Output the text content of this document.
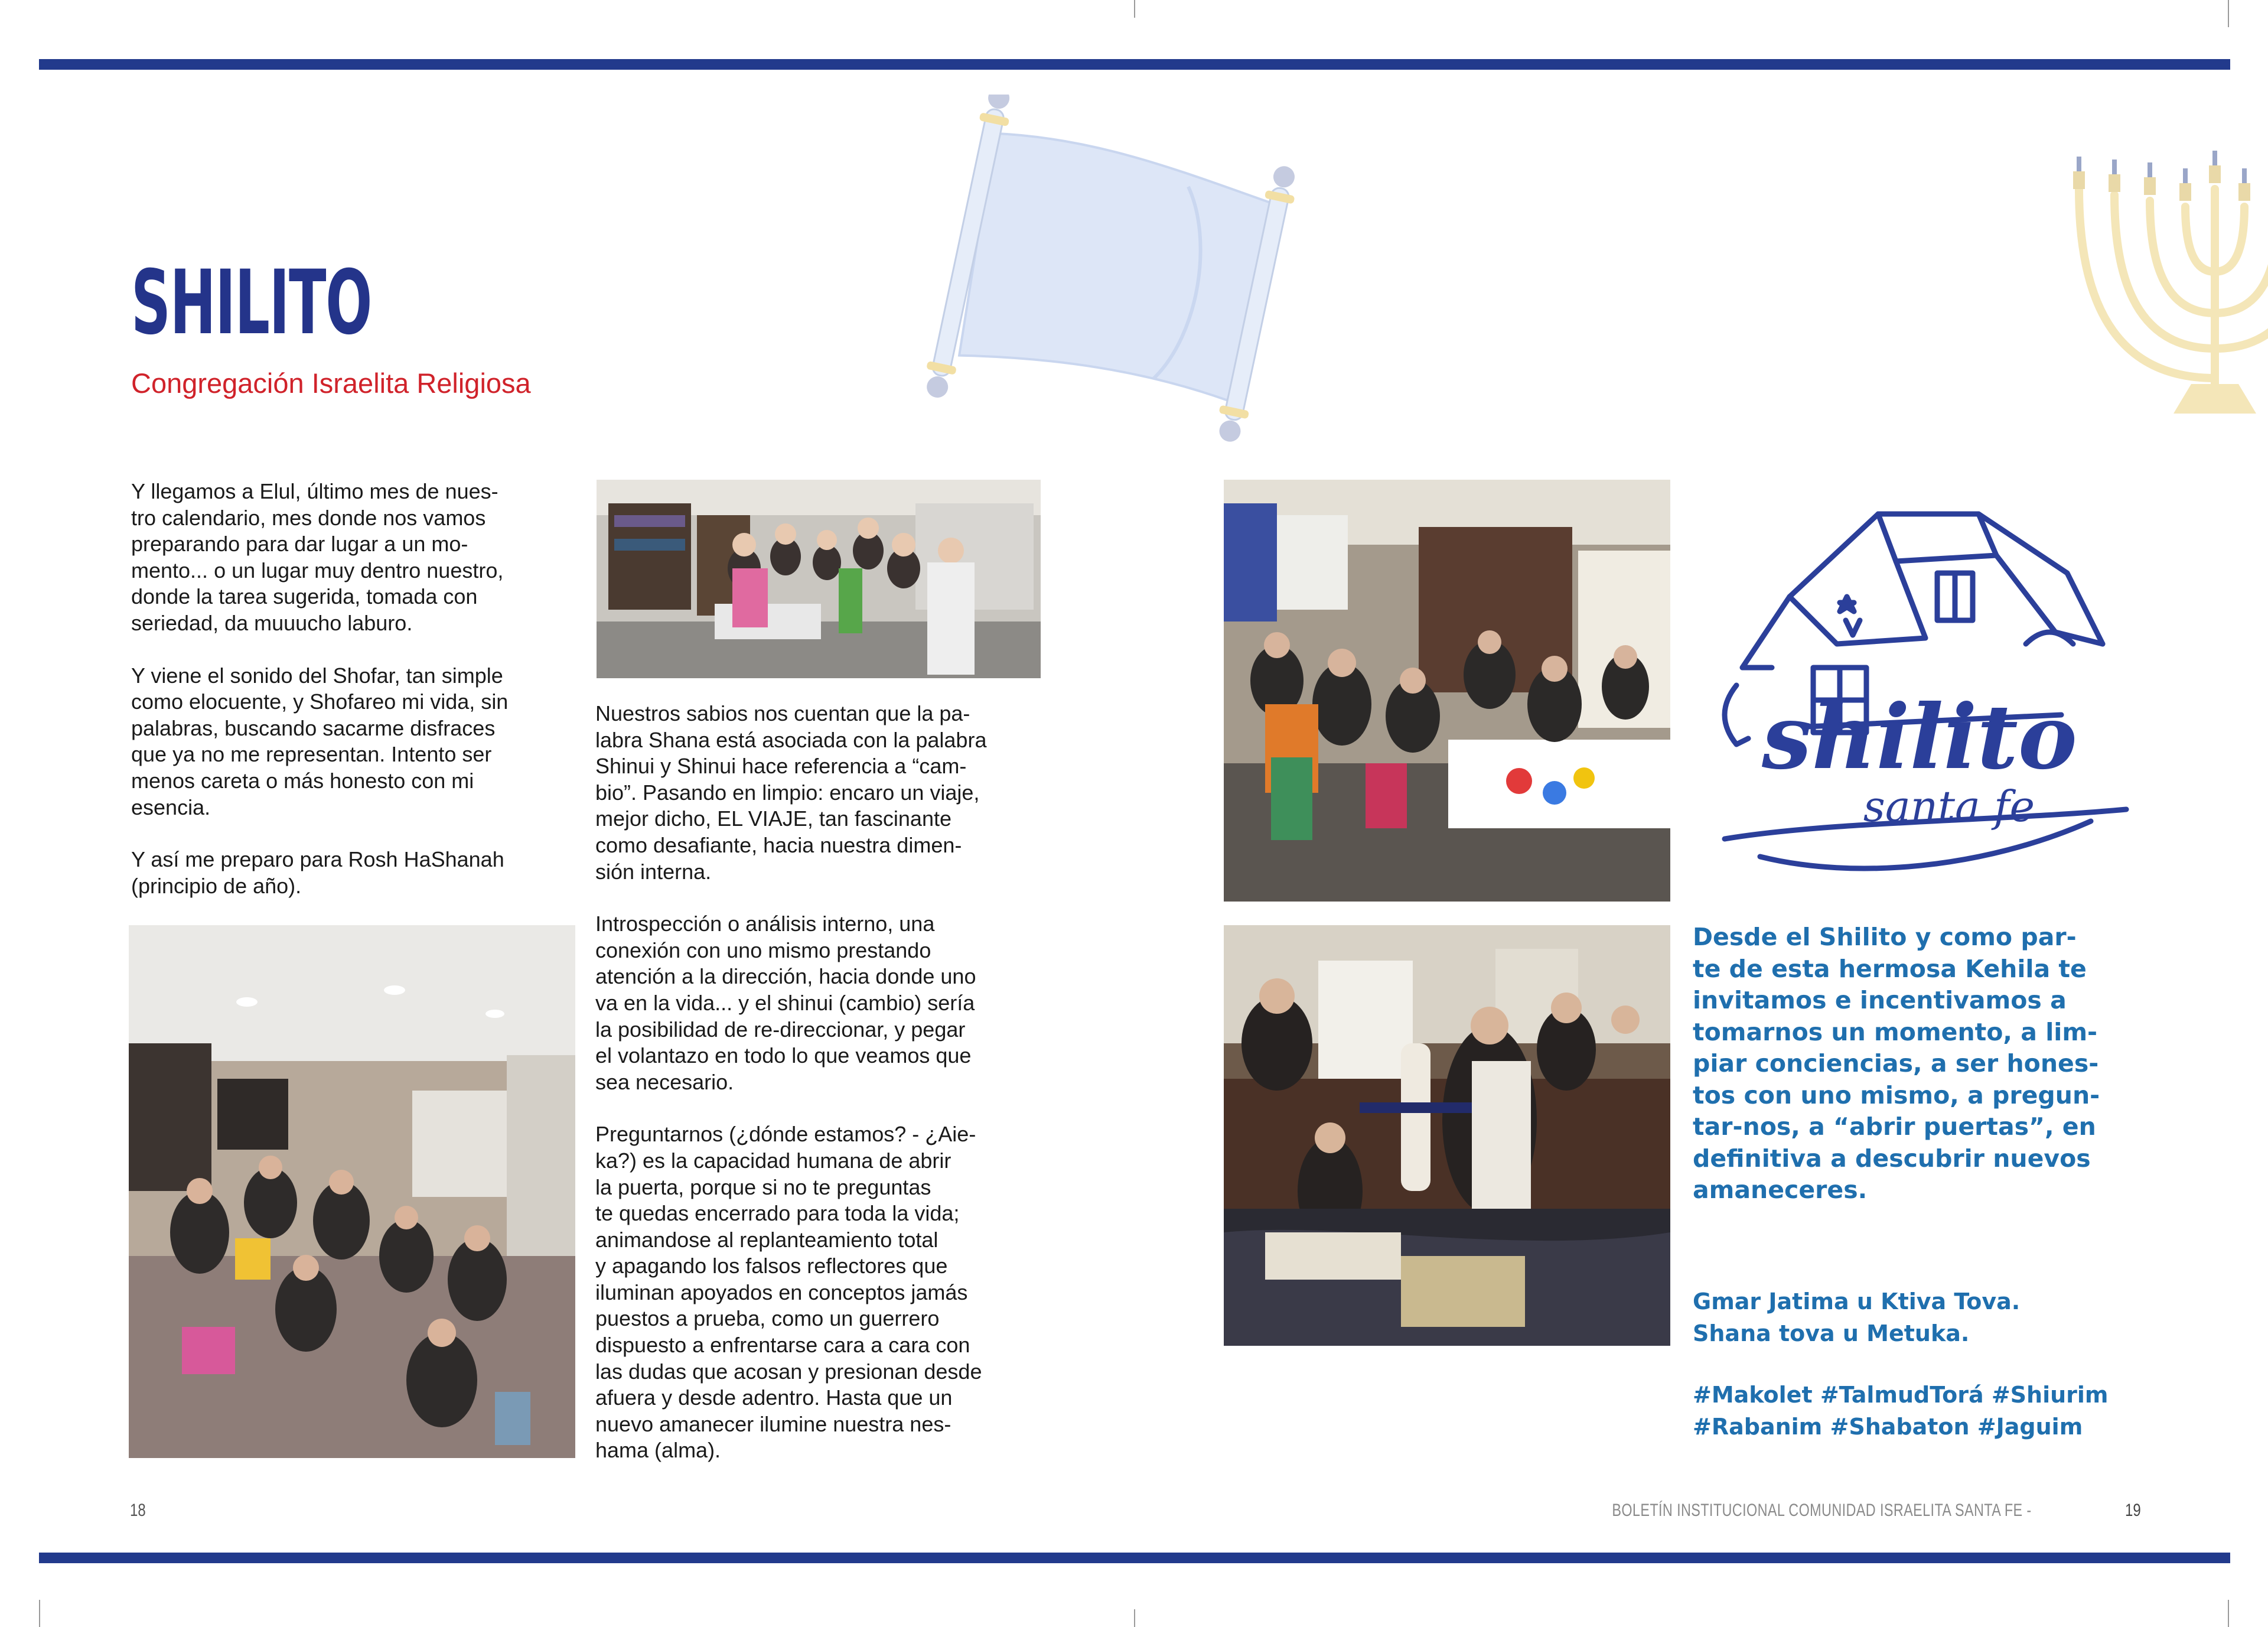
SHILITO
Congregación Israelita Religiosa

Y llegamos a Elul, último mes de nues-
tro calendario, mes donde nos vamos
preparando para dar lugar a un mo-
mento... o un lugar muy dentro nuestro,
donde la tarea sugerida, tomada con
seriedad, da muuucho laburo.

Y viene el sonido del Shofar, tan simple
como elocuente, y Shofareo mi vida, sin
palabras, buscando sacarme disfraces
que ya no me representan. Intento ser
menos careta o más honesto con mi
esencia.

Y así me preparo para Rosh HaShanah
(principio de año).

Nuestros sabios nos cuentan que la pa-
labra Shana está asociada con la palabra
Shinui y Shinui hace referencia a “cam-
bio”. Pasando en limpio: encaro un viaje,
mejor dicho, EL VIAJE, tan fascinante
como desafiante, hacia nuestra dimen-
sión interna.

Introspección o análisis interno, una
conexión con uno mismo prestando
atención a la dirección, hacia donde uno
va en la vida... y el shinui (cambio) sería
la posibilidad de re-direccionar, y pegar
el volantazo en todo lo que veamos que
sea necesario.

Preguntarnos (¿dónde estamos? - ¿Aie-
ka?) es la capacidad humana de abrir
la puerta, porque si no te preguntas
te quedas encerrado para toda la vida;
animandose al replanteamiento total
y apagando los falsos reflectores que
iluminan apoyados en conceptos jamás
puestos a prueba, como un guerrero
dispuesto a enfrentarse cara a cara con
las dudas que acosan y presionan desde
afuera y desde adentro. Hasta que un
nuevo amanecer ilumine nuestra nes-
hama (alma).

shilito
santa fe

Desde el Shilito y como par-
te de esta hermosa Kehila te
invitamos e incentivamos a
tomarnos un momento, a lim-
piar conciencias, a ser hones-
tos con uno mismo, a pregun-
tar-nos, a “abrir puertas”, en
definitiva a descubrir nuevos
amaneceres.

Gmar Jatima u Ktiva Tova.
Shana tova u Metuka.

#Makolet #TalmudTorá #Shiurim
#Rabanim #Shabaton #Jaguim

18	BOLETÍN INSTITUCIONAL COMUNIDAD ISRAELITA SANTA FE -	19
